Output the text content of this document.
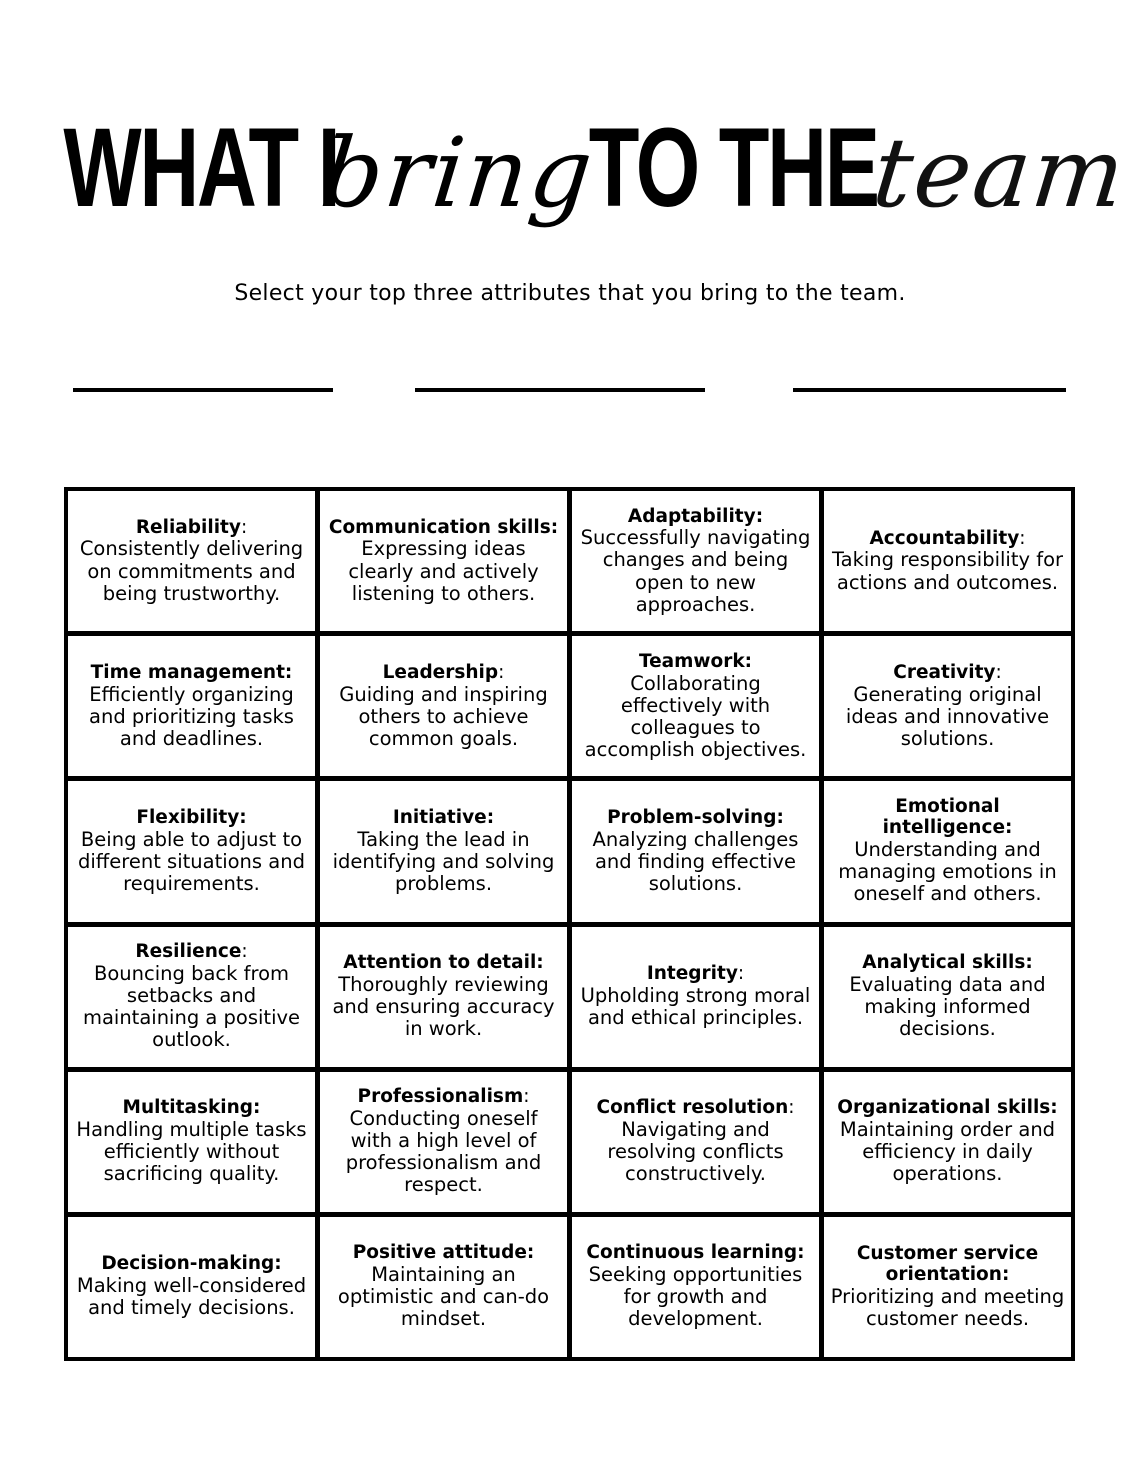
WHAT I bring TO THE team
Select your top three attributes that you bring to the team.
Reliability:
Consistently delivering on commitments and being trustworthy.
Communication skills:
Expressing ideas clearly and actively listening to others.
Adaptability:
Successfully navigating changes and being open to new approaches.
Accountability:
Taking responsibility for actions and outcomes.
Time management:
Efficiently organizing and prioritizing tasks and deadlines.
Leadership:
Guiding and inspiring others to achieve common goals.
Teamwork:
Collaborating effectively with colleagues to accomplish objectives.
Creativity:
Generating original ideas and innovative solutions.
Flexibility:
Being able to adjust to different situations and requirements.
Initiative:
Taking the lead in identifying and solving problems.
Problem-solving:
Analyzing challenges and finding effective solutions.
Emotional intelligence:
Understanding and managing emotions in oneself and others.
Resilience:
Bouncing back from setbacks and maintaining a positive outlook.
Attention to detail:
Thoroughly reviewing and ensuring accuracy in work.
Integrity:
Upholding strong moral and ethical principles.
Analytical skills:
Evaluating data and making informed decisions.
Multitasking:
Handling multiple tasks efficiently without sacrificing quality.
Professionalism:
Conducting oneself with a high level of professionalism and respect.
Conflict resolution:
Navigating and resolving conflicts constructively.
Organizational skills:
Maintaining order and efficiency in daily operations.
Decision-making:
Making well-considered and timely decisions.
Positive attitude:
Maintaining an optimistic and can-do mindset.
Continuous learning:
Seeking opportunities for growth and development.
Customer service orientation:
Prioritizing and meeting customer needs.
